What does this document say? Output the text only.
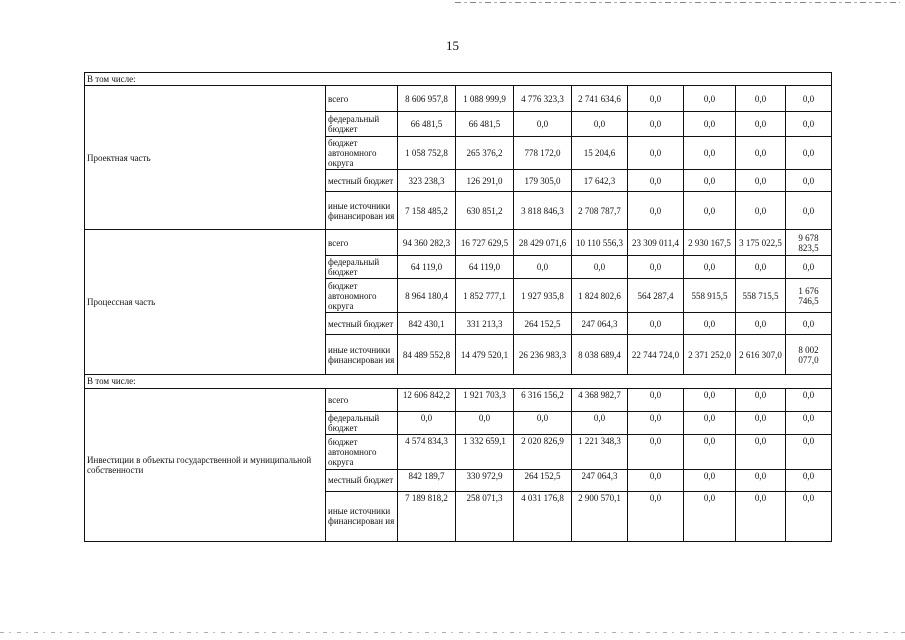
15
В том числе:									
Проектная часть	всего	8 606 957,8	1 088 999,9	4 776 323,3	2 741 634,6	0,0	0,0	0,0	0,0
	федеральный бюджет	66 481,5	66 481,5	0,0	0,0	0,0	0,0	0,0	0,0
	бюджет автономного округа	1 058 752,8	265 376,2	778 172,0	15 204,6	0,0	0,0	0,0	0,0
	местный бюджет	323 238,3	126 291,0	179 305,0	17 642,3	0,0	0,0	0,0	0,0
	иные источники финансирован ия	7 158 485,2	630 851,2	3 818 846,3	2 708 787,7	0,0	0,0	0,0	0,0
Процессная часть	всего	94 360 282,3	16 727 629,5	28 429 071,6	10 110 556,3	23 309 011,4	2 930 167,5	3 175 022,5	9 678 823,5
	федеральный бюджет	64 119,0	64 119,0	0,0	0,0	0,0	0,0	0,0	0,0
	бюджет автономного округа	8 964 180,4	1 852 777,1	1 927 935,8	1 824 802,6	564 287,4	558 915,5	558 715,5	1 676 746,5
	местный бюджет	842 430,1	331 213,3	264 152,5	247 064,3	0,0	0,0	0,0	0,0
	иные источники финансирован ия	84 489 552,8	14 479 520,1	26 236 983,3	8 038 689,4	22 744 724,0	2 371 252,0	2 616 307,0	8 002 077,0
В том числе:									
Инвестиции в объекты государственной и муниципальной собственности	всего	12 606 842,2	1 921 703,3	6 316 156,2	4 368 982,7	0,0	0,0	0,0	0,0
	федеральный бюджет	0,0	0,0	0,0	0,0	0,0	0,0	0,0	0,0
	бюджет автономного округа	4 574 834,3	1 332 659,1	2 020 826,9	1 221 348,3	0,0	0,0	0,0	0,0
	местный бюджет	842 189,7	330 972,9	264 152,5	247 064,3	0,0	0,0	0,0	0,0
	иные источники финансирован ия	7 189 818,2	258 071,3	4 031 176,8	2 900 570,1	0,0	0,0	0,0	0,0
